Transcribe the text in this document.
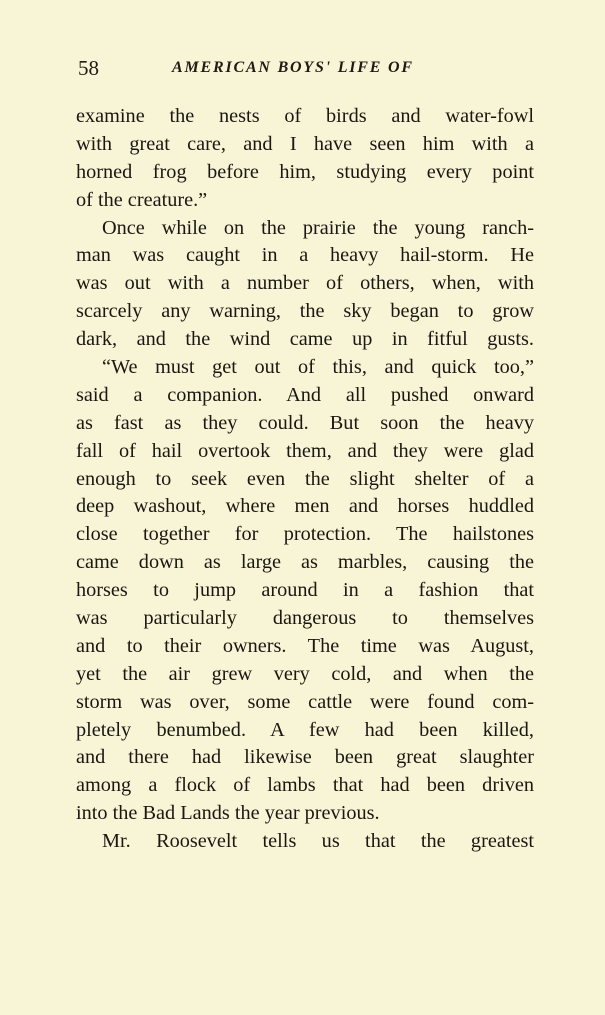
58	AMERICAN BOYS' LIFE OF
examine the nests of birds and water-fowl
with great care, and I have seen him with a
horned frog before him, studying every point
of the creature.”
Once while on the prairie the young ranch-
man was caught in a heavy hail-storm. He
was out with a number of others, when, with
scarcely any warning, the sky began to grow
dark, and the wind came up in fitful gusts.
“We must get out of this, and quick too,”
said a companion. And all pushed onward
as fast as they could. But soon the heavy
fall of hail overtook them, and they were glad
enough to seek even the slight shelter of a
deep washout, where men and horses huddled
close together for protection. The hailstones
came down as large as marbles, causing the
horses to jump around in a fashion that
was particularly dangerous to themselves
and to their owners. The time was August,
yet the air grew very cold, and when the
storm was over, some cattle were found com-
pletely benumbed. A few had been killed,
and there had likewise been great slaughter
among a flock of lambs that had been driven
into the Bad Lands the year previous.
Mr. Roosevelt tells us that the greatest
